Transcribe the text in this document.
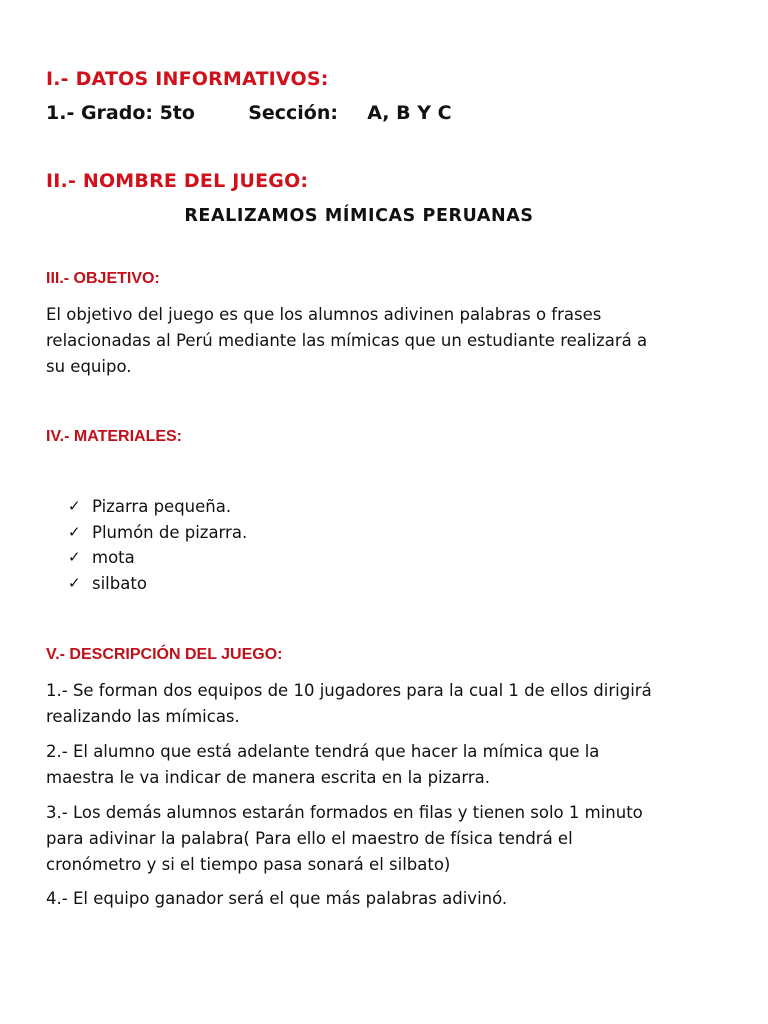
I.- DATOS INFORMATIVOS:
1.- Grado: 5to	Sección: A, B Y C
II.- NOMBRE DEL JUEGO:
REALIZAMOS MÍMICAS PERUANAS
III.- OBJETIVO:

El objetivo del juego es que los alumnos adivinen palabras o frases relacionadas al Perú mediante las mímicas que un estudiante realizará a su equipo.

IV.- MATERIALES:
✓ Pizarra pequeña.
✓ Plumón de pizarra.
✓ mota
✓ silbato
V.- DESCRIPCIÓN DEL JUEGO:

1.- Se forman dos equipos de 10 jugadores para la cual 1 de ellos dirigirá realizando las mímicas.

2.- El alumno que está adelante tendrá que hacer la mímica que la maestra le va indicar de manera escrita en la pizarra.

3.- Los demás alumnos estarán formados en filas y tienen solo 1 minuto para adivinar la palabra( Para ello el maestro de física tendrá el cronómetro y si el tiempo pasa sonará el silbato)

4.- El equipo ganador será el que más palabras adivinó.
